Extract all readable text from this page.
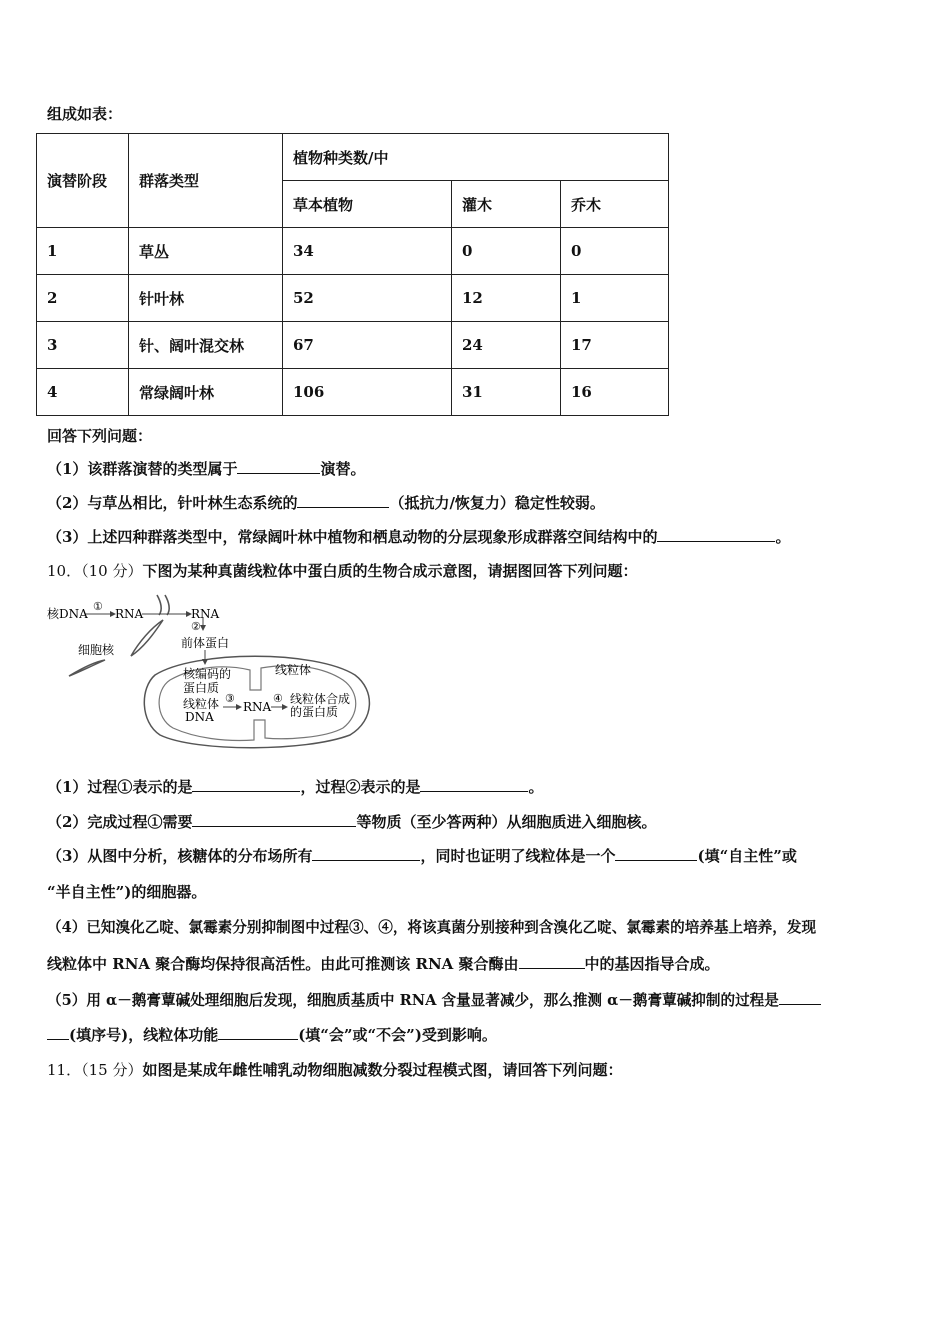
组成如表：
演替阶段	群落类型	植物种类数/中		
		草本植物	灌木	乔木
1	草丛	34	0	0
2	针叶林	52	12	1
3	针、阔叶混交林	67	24	17
4	常绿阔叶林	106	31	16
回答下列问题：
（1）该群落演替的类型属于	演替。
（2）与草丛相比，针叶林生态系统的	（抵抗力/恢复力）稳定性较弱。
（3）上述四种群落类型中，常绿阔叶林中植物和栖息动物的分层现象形成群落空间结构中的	。
10．（10 分）下图为某种真菌线粒体中蛋白质的生物合成示意图，请据图回答下列问题：
核DNA
①
RNA	RNA
②
前体蛋白
细胞核
线粒体
核编码的
蛋白质
线粒体
DNA
③
RNA
④ 线粒体合成
的蛋白质
（1）过程①表示的是	，过程②表示的是	。
（2）完成过程①需要	等物质（至少答两种）从细胞质进入细胞核。
（3）从图中分析，核糖体的分布场所有	，同时也证明了线粒体是一个	(填“自主性”或
“半自主性”)的细胞器。
（4）已知溴化乙啶、氯霉素分别抑制图中过程③、④，将该真菌分别接种到含溴化乙啶、氯霉素的培养基上培养，发现
线粒体中 RNA 聚合酶均保持很高活性。由此可推测该 RNA 聚合酶由	中的基因指导合成。
（5）用 α－鹅膏蕈碱处理细胞后发现，细胞质基质中 RNA 含量显著减少，那么推测 α－鹅膏蕈碱抑制的过程是
(填序号)，线粒体功能	(填“会”或“不会”)受到影响。
11．（15 分）如图是某成年雌性哺乳动物细胞减数分裂过程模式图，请回答下列问题：
